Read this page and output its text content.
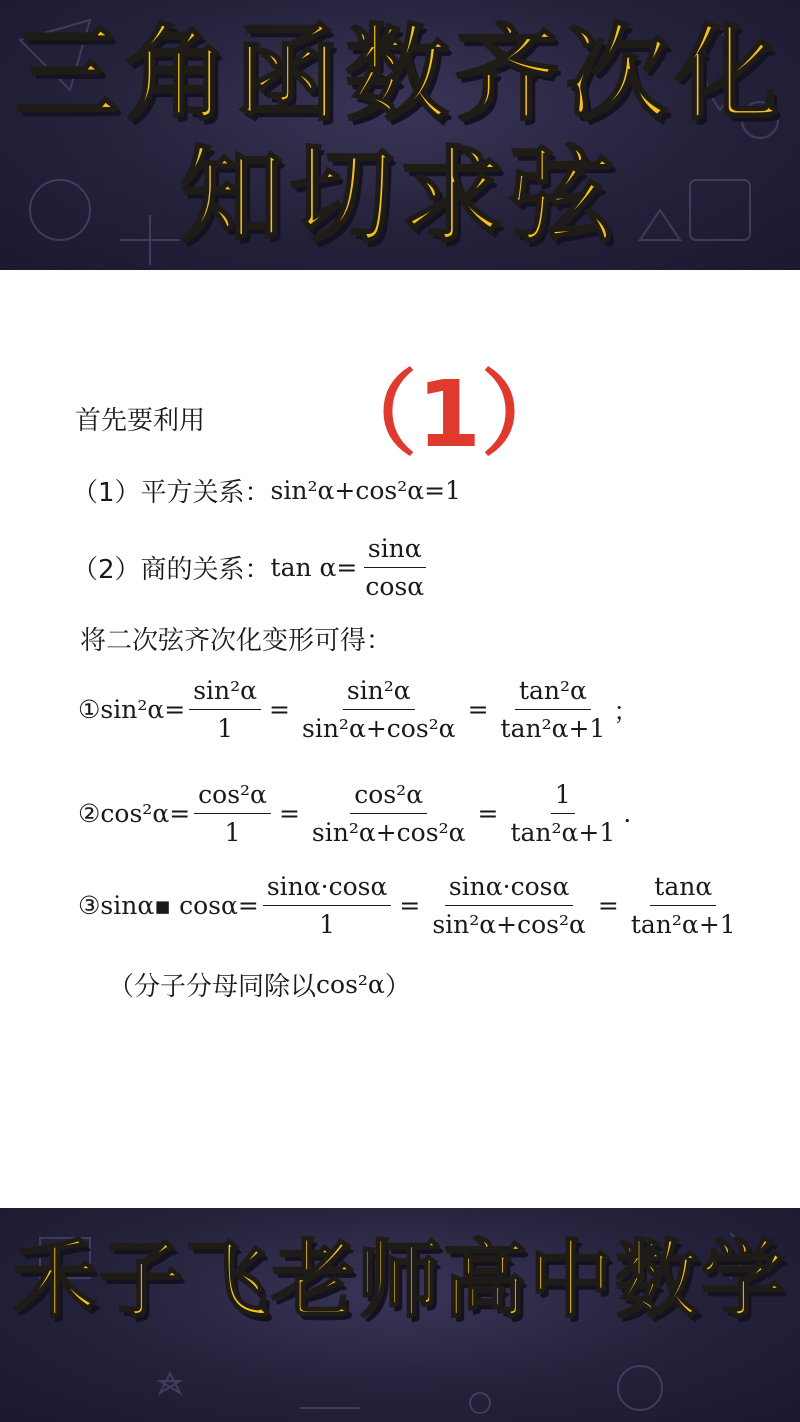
三角函数齐次化
知切求弦
（1）
首先要利用
（1）平方关系： sin²α+cos²α=1
（2）商的关系： $\tan \alpha= \frac{\sin\alpha}{\cos\alpha}$
将二次弦齐次化变形可得：
① $\sin^2\alpha= \frac{\text{sin²α}}{1} = \frac{\text{sin²α}}{\text{sin²α+cos²α}} = \frac{\text{tan²α}}{\text{tan²α+1}}$ ；
② $\cos^2\alpha= \frac{\text{cos²α}}{1} = \frac{\text{cos²α}}{\text{sin²α+cos²α}} = \frac{1}{\text{tan²α+1}}$ .
③ sinα▪ $\cos\alpha= \frac{\sin\alpha\cdot\cos\alpha}{1} = \frac{\sin\alpha\cdot\cos\alpha}{\text{sin²α+cos²α}} = \frac{\tan\alpha}{\text{tan²α+1}}$
（分子分母同除以 cos²α ）
禾子飞老师高中数学
